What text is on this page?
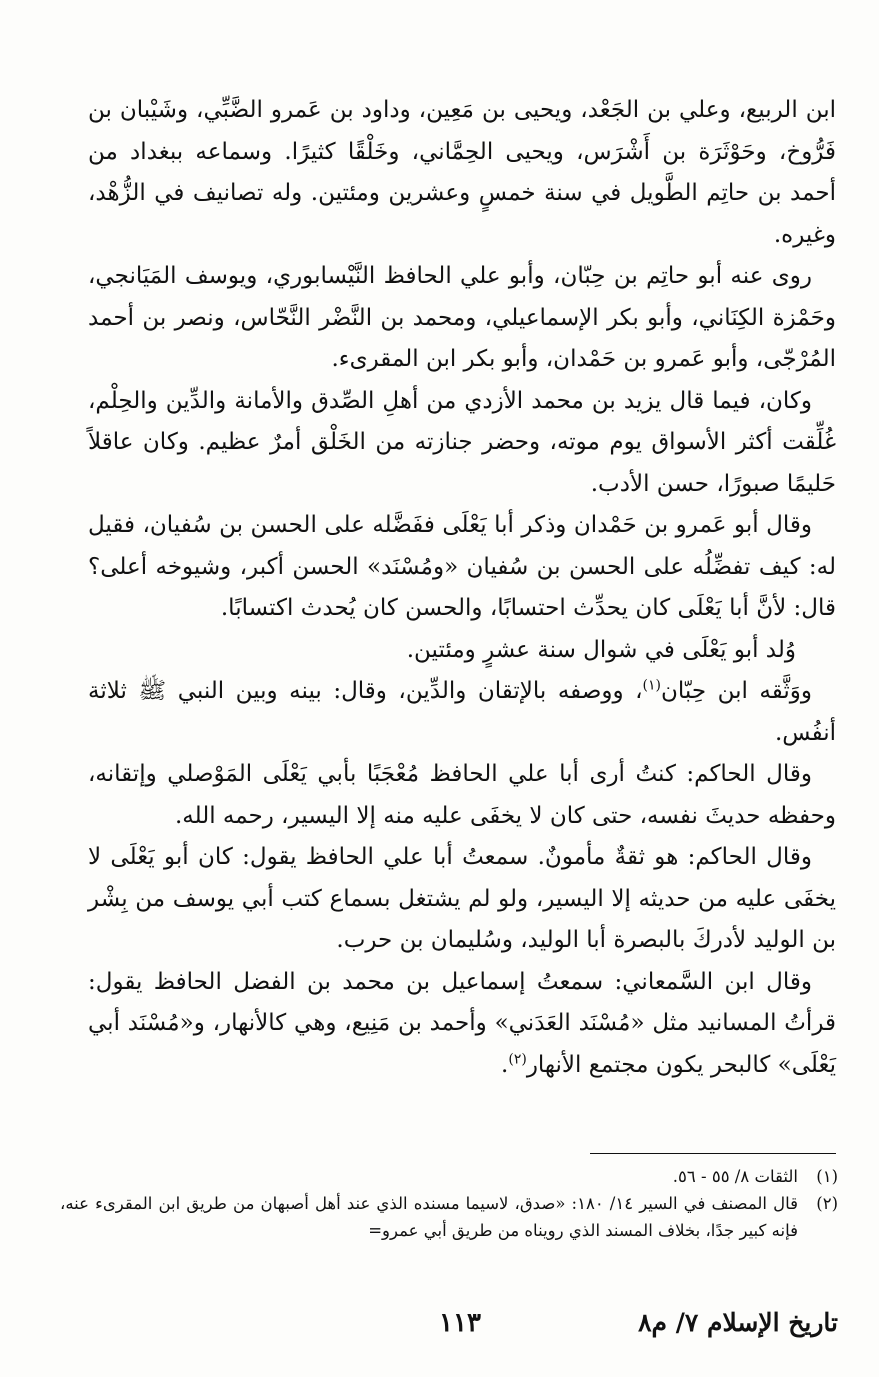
ابن الربيع، وعلي بن الجَعْد، ويحيى بن مَعِين، وداود بن عَمرو الضَّبِّي، وشَيْبان بن فَرُّوخ، وحَوْثَرَة بن أَشْرَس، ويحيى الحِمَّاني، وخَلْقًا كثيرًا. وسماعه ببغداد من أحمد بن حاتِم الطَّويل في سنة خمسٍ وعشرين ومئتين. وله تصانيف في الزُّهْد، وغيره.

روى عنه أبو حاتِم بن حِبّان، وأبو علي الحافظ النَّيْسابوري، ويوسف المَيَانجي، وحَمْزة الكِنَاني، وأبو بكر الإسماعيلي، ومحمد بن النَّضْر النَّحّاس، ونصر بن أحمد المُرْجّى، وأبو عَمرو بن حَمْدان، وأبو بكر ابن المقرىء.

وكان، فيما قال يزيد بن محمد الأزدي من أهلِ الصِّدق والأمانة والدِّين والحِلْم، غُلِّقت أكثر الأسواق يوم موته، وحضر جنازته من الخَلْق أمرٌ عظيم. وكان عاقلاً حَليمًا صبورًا، حسن الأدب.

وقال أبو عَمرو بن حَمْدان وذكر أبا يَعْلَى ففَضَّله على الحسن بن سُفيان، فقيل له: كيف تفضِّلُه على الحسن بن سُفيان «ومُسْنَد» الحسن أكبر، وشيوخه أعلى؟ قال: لأنَّ أبا يَعْلَى كان يحدِّث احتسابًا، والحسن كان يُحدث اكتسابًا.

وُلد أبو يَعْلَى في شوال سنة عشرٍ ومئتين.

ووَثَّقه ابن حِبّان$^{(١)}$، ووصفه بالإتقان والدِّين، وقال: بينه وبين النبي ﷺ ثلاثة أنفُس.

وقال الحاكم: كنتُ أرى أبا علي الحافظ مُعْجَبًا بأبي يَعْلَى المَوْصلي وإتقانه، وحفظه حديثَ نفسه، حتى كان لا يخفَى عليه منه إلا اليسير، رحمه الله.

وقال الحاكم: هو ثقةٌ مأمونٌ. سمعتُ أبا علي الحافظ يقول: كان أبو يَعْلَى لا يخفَى عليه من حديثه إلا اليسير، ولو لم يشتغل بسماع كتب أبي يوسف من بِشْر بن الوليد لأدركَ بالبصرة أبا الوليد، وسُليمان بن حرب.

وقال ابن السَّمعاني: سمعتُ إسماعيل بن محمد بن الفضل الحافظ يقول: قرأتُ المسانيد مثل «مُسْنَد العَدَني» وأحمد بن مَنِيع، وهي كالأنهار، و«مُسْنَد أبي يَعْلَى» كالبحر يكون مجتمع الأنهار$^{(٢)}$.

(١)
الثقات ٨/ ٥٥ - ٥٦.

(٢)
قال المصنف في السير ١٤/ ١٨٠: «صدق، لاسيما مسنده الذي عند أهل أصبهان من طريق ابن المقرىء عنه، فإنه كبير جدًا، بخلاف المسند الذي رويناه من طريق أبي عمرو=

تاريخ الإسلام ٧/ م٨
١١٣
